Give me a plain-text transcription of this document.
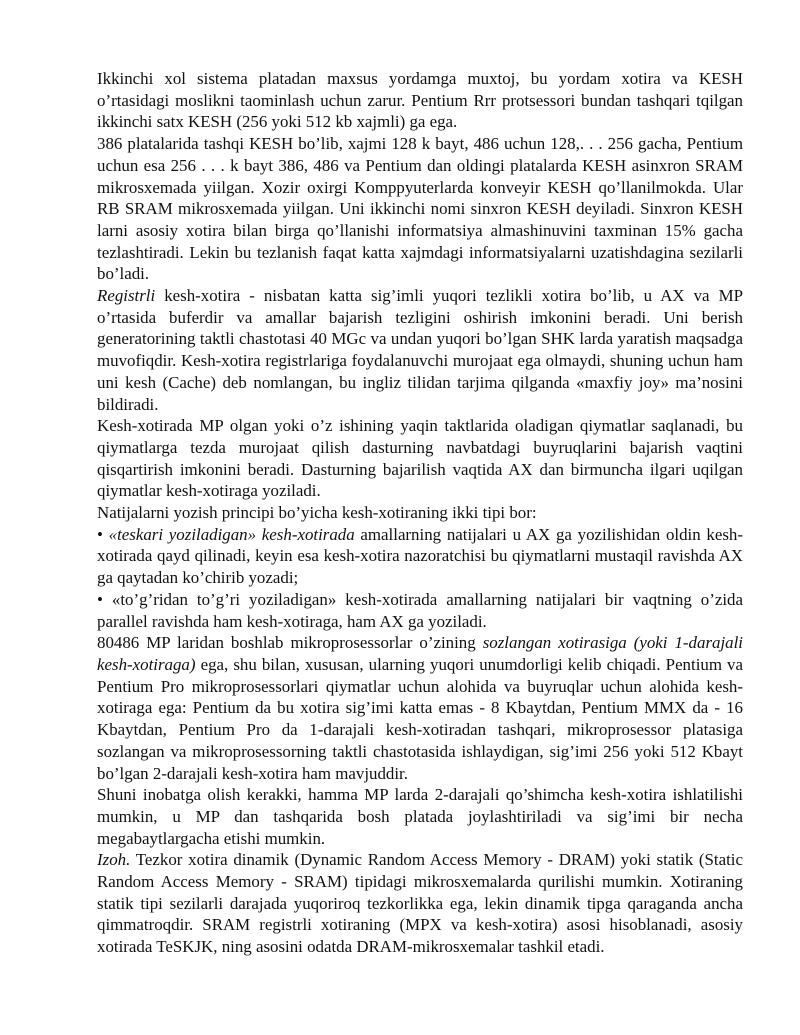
Ikkinchi xol sistema platadan maxsus yordamga muxtoj, bu yordam xotira va KESH o’rtasidagi moslikni taominlash uchun zarur. Pentium Rrr protsessori bundan tashqari tqilgan ikkinchi satx KESH (256 yoki 512 kb xajmli) ga ega.

386 platalarida tashqi KESH bo’lib, xajmi 128 k bayt, 486 uchun 128,. . . 256 gacha, Pentium uchun esa 256 . . . k bayt 386, 486 va Pentium dan oldingi platalarda KESH asinxron SRAM mikrosxemada yiilgan. Xozir oxirgi Komppyuterlarda konveyir KESH qo’llanilmokda. Ular RB SRAM mikrosxemada yiilgan. Uni ikkinchi nomi sinxron KESH deyiladi. Sinxron KESH larni asosiy xotira bilan birga qo’llanishi informatsiya almashinuvini taxminan 15% gacha tezlashtiradi. Lekin bu tezlanish faqat katta xajmdagi informatsiyalarni uzatishdagina sezilarli bo’ladi.

Registrli kesh-xotira - nisbatan katta sig’imli yuqori tezlikli xotira bo’lib, u AX va MP o’rtasida buferdir va amallar bajarish tezligini oshirish imkonini beradi. Uni berish generatorining taktli chastotasi 40 MGc va undan yuqori bo’lgan SHK larda yaratish maqsadga muvofiqdir. Kesh-xotira registrlariga foydalanuvchi murojaat ega olmaydi, shuning uchun ham uni kesh (Cache) deb nomlangan, bu ingliz tilidan tarjima qilganda «maxfiy joy» ma’nosini bildiradi.

Kesh-xotirada MP olgan yoki o’z ishining yaqin taktlarida oladigan qiymatlar saqlanadi, bu qiymatlarga tezda murojaat qilish dasturning navbatdagi buyruqlarini bajarish vaqtini qisqartirish imkonini beradi. Dasturning bajarilish vaqtida AX dan birmuncha ilgari uqilgan qiymatlar kesh-xotiraga yoziladi.

Natijalarni yozish principi bo’yicha kesh-xotiraning ikki tipi bor:

• «teskari yoziladigan» kesh-xotirada amallarning natijalari u AX ga yozilishidan oldin kesh-xotirada qayd qilinadi, keyin esa kesh-xotira nazoratchisi bu qiymatlarni mustaqil ravishda AX ga qaytadan ko’chirib yozadi;

• «to’g’ridan to’g’ri yoziladigan» kesh-xotirada amallarning natijalari bir vaqtning o’zida parallel ravishda ham kesh-xotiraga, ham AX ga yoziladi.

80486 MP laridan boshlab mikroprosessorlar o’zining sozlangan xotirasiga (yoki 1-darajali kesh-xotiraga) ega, shu bilan, xususan, ularning yuqori unumdorligi kelib chiqadi. Pentium va Pentium Pro mikroprosessorlari qiymatlar uchun alohida va buyruqlar uchun alohida kesh-xotiraga ega: Pentium da bu xotira sig’imi katta emas - 8 Kbaytdan, Pentium MMX da - 16 Kbaytdan, Pentium Pro da 1-darajali kesh-xotiradan tashqari, mikroprosessor platasiga sozlangan va mikroprosessorning taktli chastotasida ishlaydigan, sig’imi 256 yoki 512 Kbayt bo’lgan 2-darajali kesh-xotira ham mavjuddir.

Shuni inobatga olish kerakki, hamma MP larda 2-darajali qo’shimcha kesh-xotira ishlatilishi mumkin, u MP dan tashqarida bosh platada joylashtiriladi va sig’imi bir necha megabaytlargacha etishi mumkin.

Izoh. Tezkor xotira dinamik (Dynamic Random Access Memory - DRAM) yoki statik (Static Random Access Memory - SRAM) tipidagi mikrosxemalarda qurilishi mumkin. Xotiraning statik tipi sezilarli darajada yuqoriroq tezkorlikka ega, lekin dinamik tipga qaraganda ancha qimmatroqdir. SRAM registrli xotiraning (MPX va kesh-xotira) asosi hisoblanadi, asosiy xotirada TeSKJK, ning asosini odatda DRAM-mikrosxemalar tashkil etadi.
